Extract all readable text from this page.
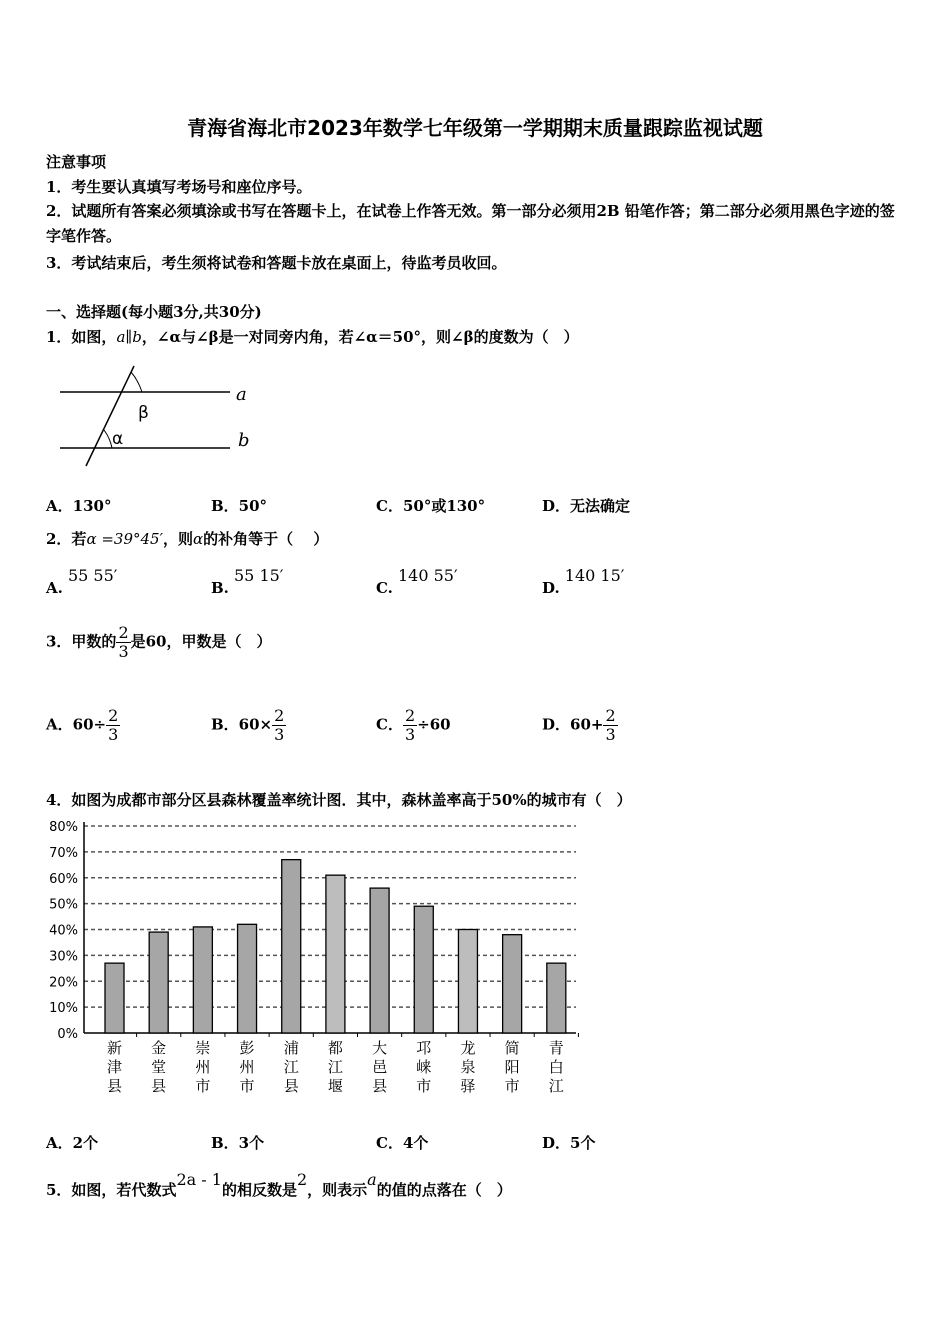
青海省海北市2023年数学七年级第一学期期末质量跟踪监视试题
注意事项
1．考生要认真填写考场号和座位序号。
2．试题所有答案必须填涂或书写在答题卡上，在试卷上作答无效。第一部分必须用2B 铅笔作答；第二部分必须用黑色字迹的签字笔作答。
3．考试结束后，考生须将试卷和答题卡放在桌面上，待监考员收回。
一、选择题(每小题3分,共30分)
1．如图，a∥b，∠α与∠β是一对同旁内角，若∠α＝50°，则∠β的度数为（　）
β
α
a
b
A．130°	B．50°	C．50°或130°	D．无法确定
2．若α =39°45′，则α的补角等于（　 ）
A. 55 55′
B. 55 15′
C. 140 55′
D. 140 15′
3．甲数的 $\frac{2}{3}$ 是60，甲数是（　）
A．$60\div \frac{2}{3}$	B．$60\times \frac{2}{3}$	C． $\frac{2}{3} \div 60$	D．$60+ \frac{2}{3}$
4．如图为成都市部分区县森林覆盖率统计图．其中，森林盖率高于50%的城市有（　）
0%
10%
20%
30%
40%
50%
60%
70%
80%
新
津
县
金
堂
县
崇
州
市
彭
州
市
浦
江
县
都
江
堰
大
邑
县
邛
崃
市
龙
泉
驿
简
阳
市
青
白
江
A．2个	B．3个	C．4个	D．5个
5．如图，若代数式2a - 1的相反数是2，则表示a的值的点落在（　）
